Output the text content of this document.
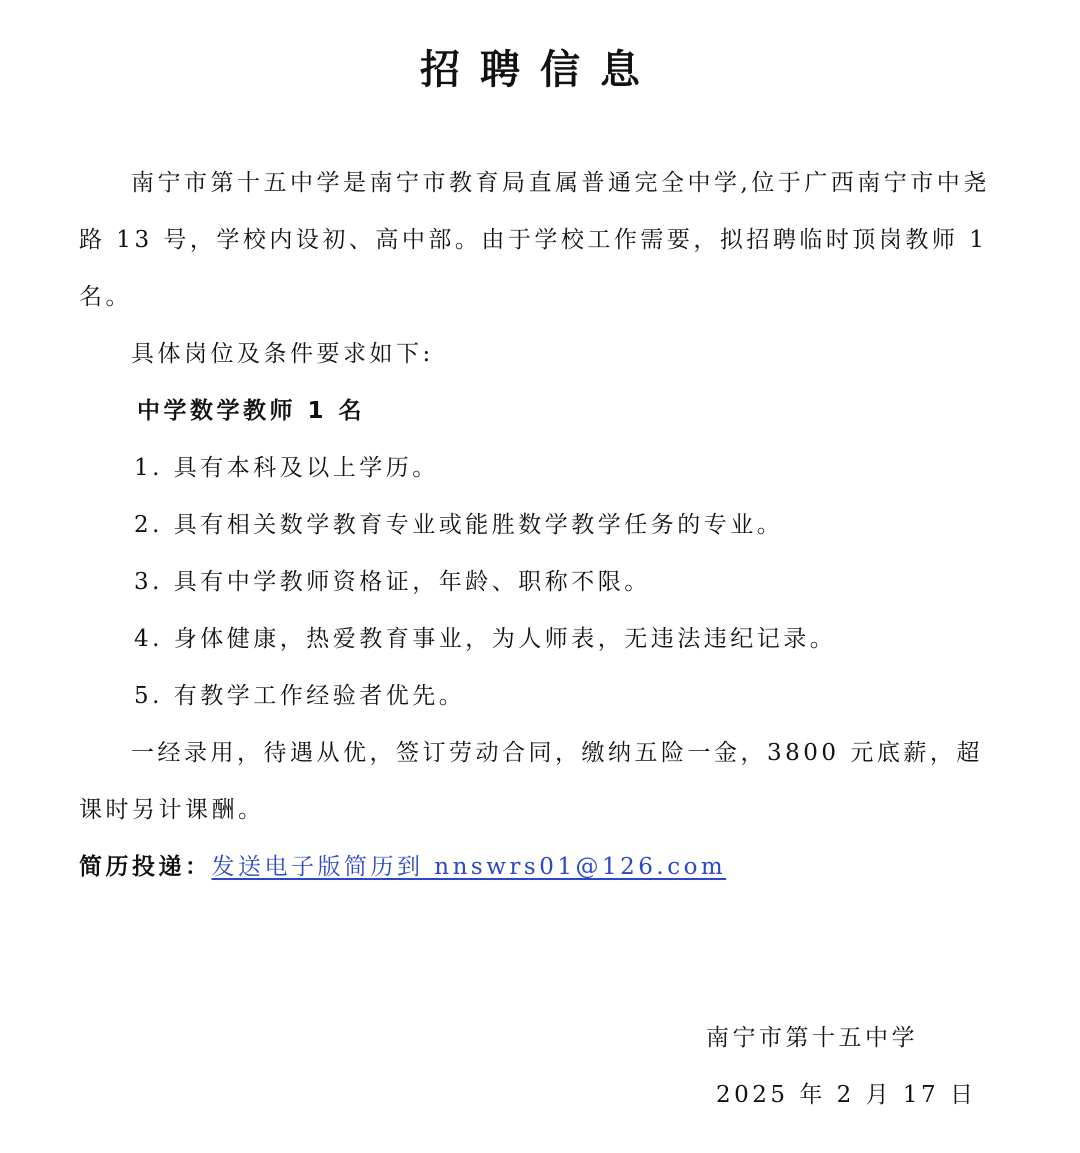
招聘信息

南宁市第十五中学是南宁市教育局直属普通完全中学,位于广西南宁市中尧路 13 号，学校内设初、高中部。由于学校工作需要，拟招聘临时顶岗教师 1 名。

具体岗位及条件要求如下:

中学数学教师 1 名

1. 具有本科及以上学历。

2. 具有相关数学教育专业或能胜数学教学任务的专业。

3. 具有中学教师资格证，年龄、职称不限。

4. 身体健康，热爱教育事业，为人师表，无违法违纪记录。

5. 有教学工作经验者优先。

一经录用，待遇从优，签订劳动合同，缴纳五险一金，3800 元底薪，超课时另计课酬。

简历投递：发送电子版简历到 nnswrs01@126.com

南宁市第十五中学

2025 年 2 月 17 日
